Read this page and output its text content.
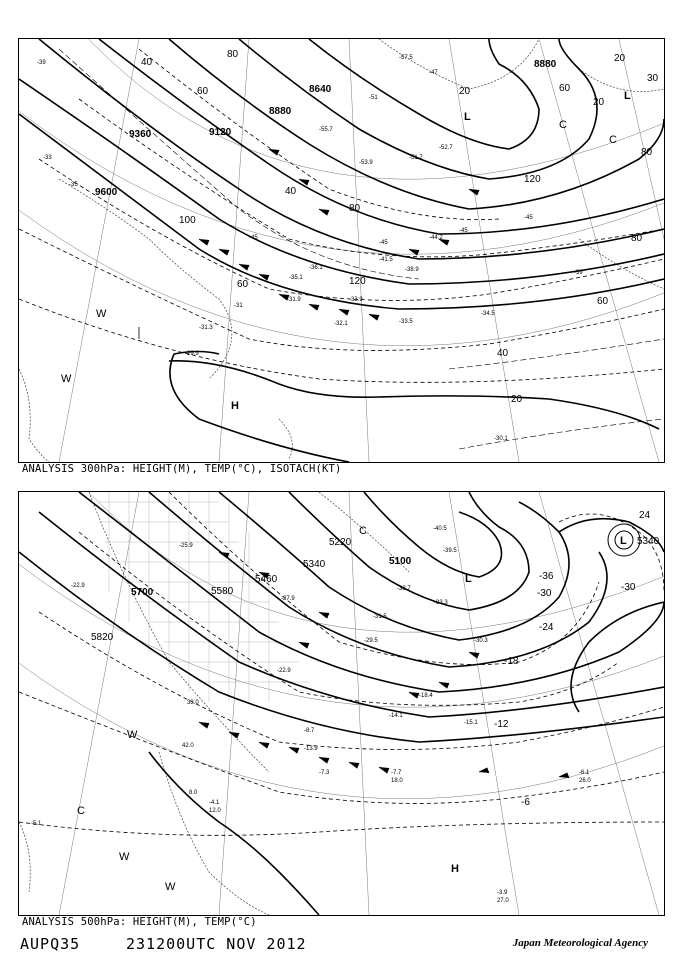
9600
9360	9120
8880
8640
8880
40
60
80
100
60
80
120
120
80
60
40
20
20
40
80
60
20
20
30
H
L
L
W
W
C
C
-39
-33
-31
-35
-45
-47
-51
-53.9
-52.7
-45
-44.2
-41.5
-38.9
-34.5
-33.5
-32.1
-31.3
-29.9
-30.1
-39
-45
-55.7
-57.5
-51.7
-45
-36.1
-35.1
-33.9
-31.9
ANALYSIS 300hPa: HEIGHT(M), TEMP(°C), ISOTACH(KT)
5700
5820
5580
5460
5340
5220
5100
5340
-30
-24
-18
-12
-6
-36
-30
24
L
L
H
W
W
W
C
C
-22.9
-25.9
-27.9
-40.5
-39.5
-38.7
-33.3
-31.5
-30.3
-29.5
-22.9
-18.4
-15.1
-14.1
-13.9
-8.7
-7.7
-7.3	-6.1
-5.1
-3.9
-4.1
42.0
33.0
27.0
26.0
18.0
12.0
8.0
ANALYSIS 500hPa: HEIGHT(M), TEMP(°C)
AUPQ35	231200UTC NOV 2012	Japan Meteorological Agency
